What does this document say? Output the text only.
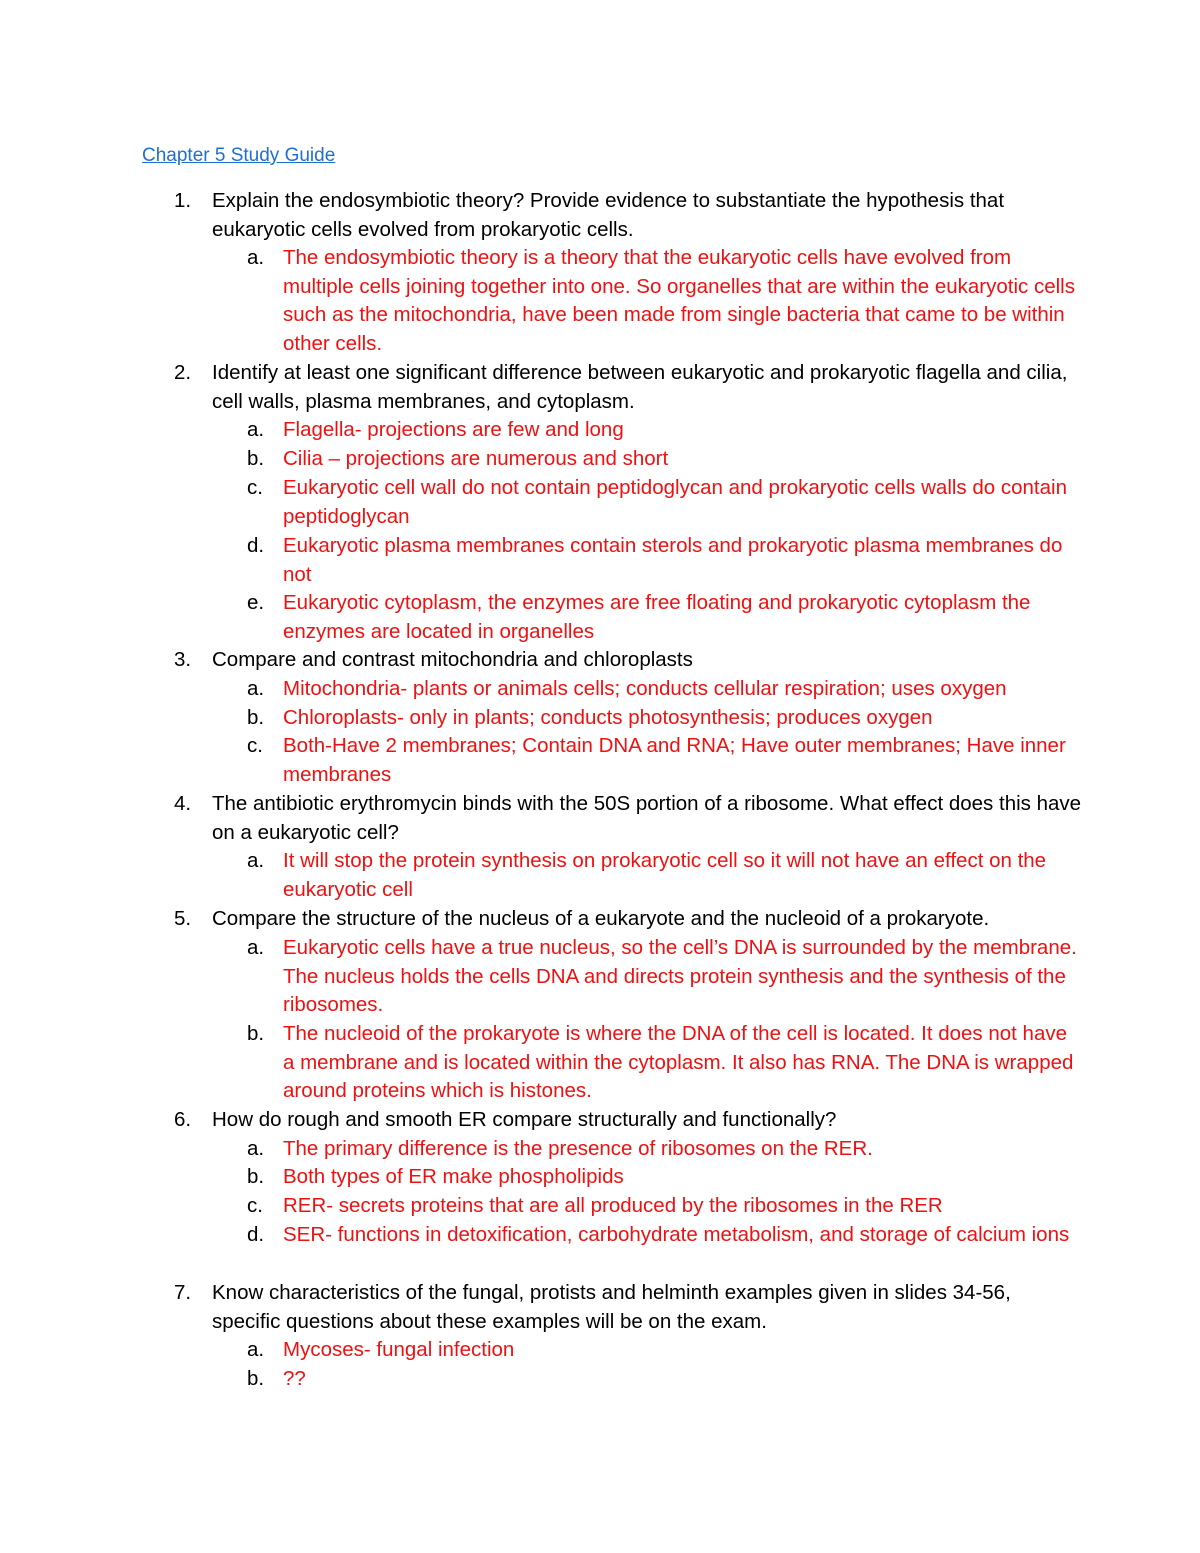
Chapter 5 Study Guide
1.	Explain the endosymbiotic theory? Provide evidence to substantiate the hypothesis that eukaryotic cells evolved from prokaryotic cells.
a. The endosymbiotic theory is a theory that the eukaryotic cells have evolved from multiple cells joining together into one. So organelles that are within the eukaryotic cells such as the mitochondria, have been made from single bacteria that came to be within other cells.
2.	Identify at least one significant difference between eukaryotic and prokaryotic flagella and cilia, cell walls, plasma membranes, and cytoplasm.
a. Flagella- projections are few and long
b. Cilia – projections are numerous and short
c. Eukaryotic cell wall do not contain peptidoglycan and prokaryotic cells walls do contain peptidoglycan
d. Eukaryotic plasma membranes contain sterols and prokaryotic plasma membranes do not
e. Eukaryotic cytoplasm, the enzymes are free floating and prokaryotic cytoplasm the enzymes are located in organelles
3.	Compare and contrast mitochondria and chloroplasts
a. Mitochondria- plants or animals cells; conducts cellular respiration; uses oxygen
b. Chloroplasts- only in plants; conducts photosynthesis; produces oxygen
c. Both-Have 2 membranes; Contain DNA and RNA; Have outer membranes; Have inner membranes
4.	The antibiotic erythromycin binds with the 50S portion of a ribosome. What effect does this have on a eukaryotic cell?
a. It will stop the protein synthesis on prokaryotic cell so it will not have an effect on the eukaryotic cell
5.	Compare the structure of the nucleus of a eukaryote and the nucleoid of a prokaryote.
a. Eukaryotic cells have a true nucleus, so the cell’s DNA is surrounded by the membrane. The nucleus holds the cells DNA and directs protein synthesis and the synthesis of the ribosomes.
b. The nucleoid of the prokaryote is where the DNA of the cell is located. It does not have a membrane and is located within the cytoplasm. It also has RNA. The DNA is wrapped around proteins which is histones.
6.	How do rough and smooth ER compare structurally and functionally?
a. The primary difference is the presence of ribosomes on the RER.
b. Both types of ER make phospholipids
c. RER- secrets proteins that are all produced by the ribosomes in the RER
d. SER- functions in detoxification, carbohydrate metabolism, and storage of calcium ions
7.	Know characteristics of the fungal, protists and helminth examples given in slides 34-56, specific questions about these examples will be on the exam.
a. Mycoses- fungal infection
b. ??
